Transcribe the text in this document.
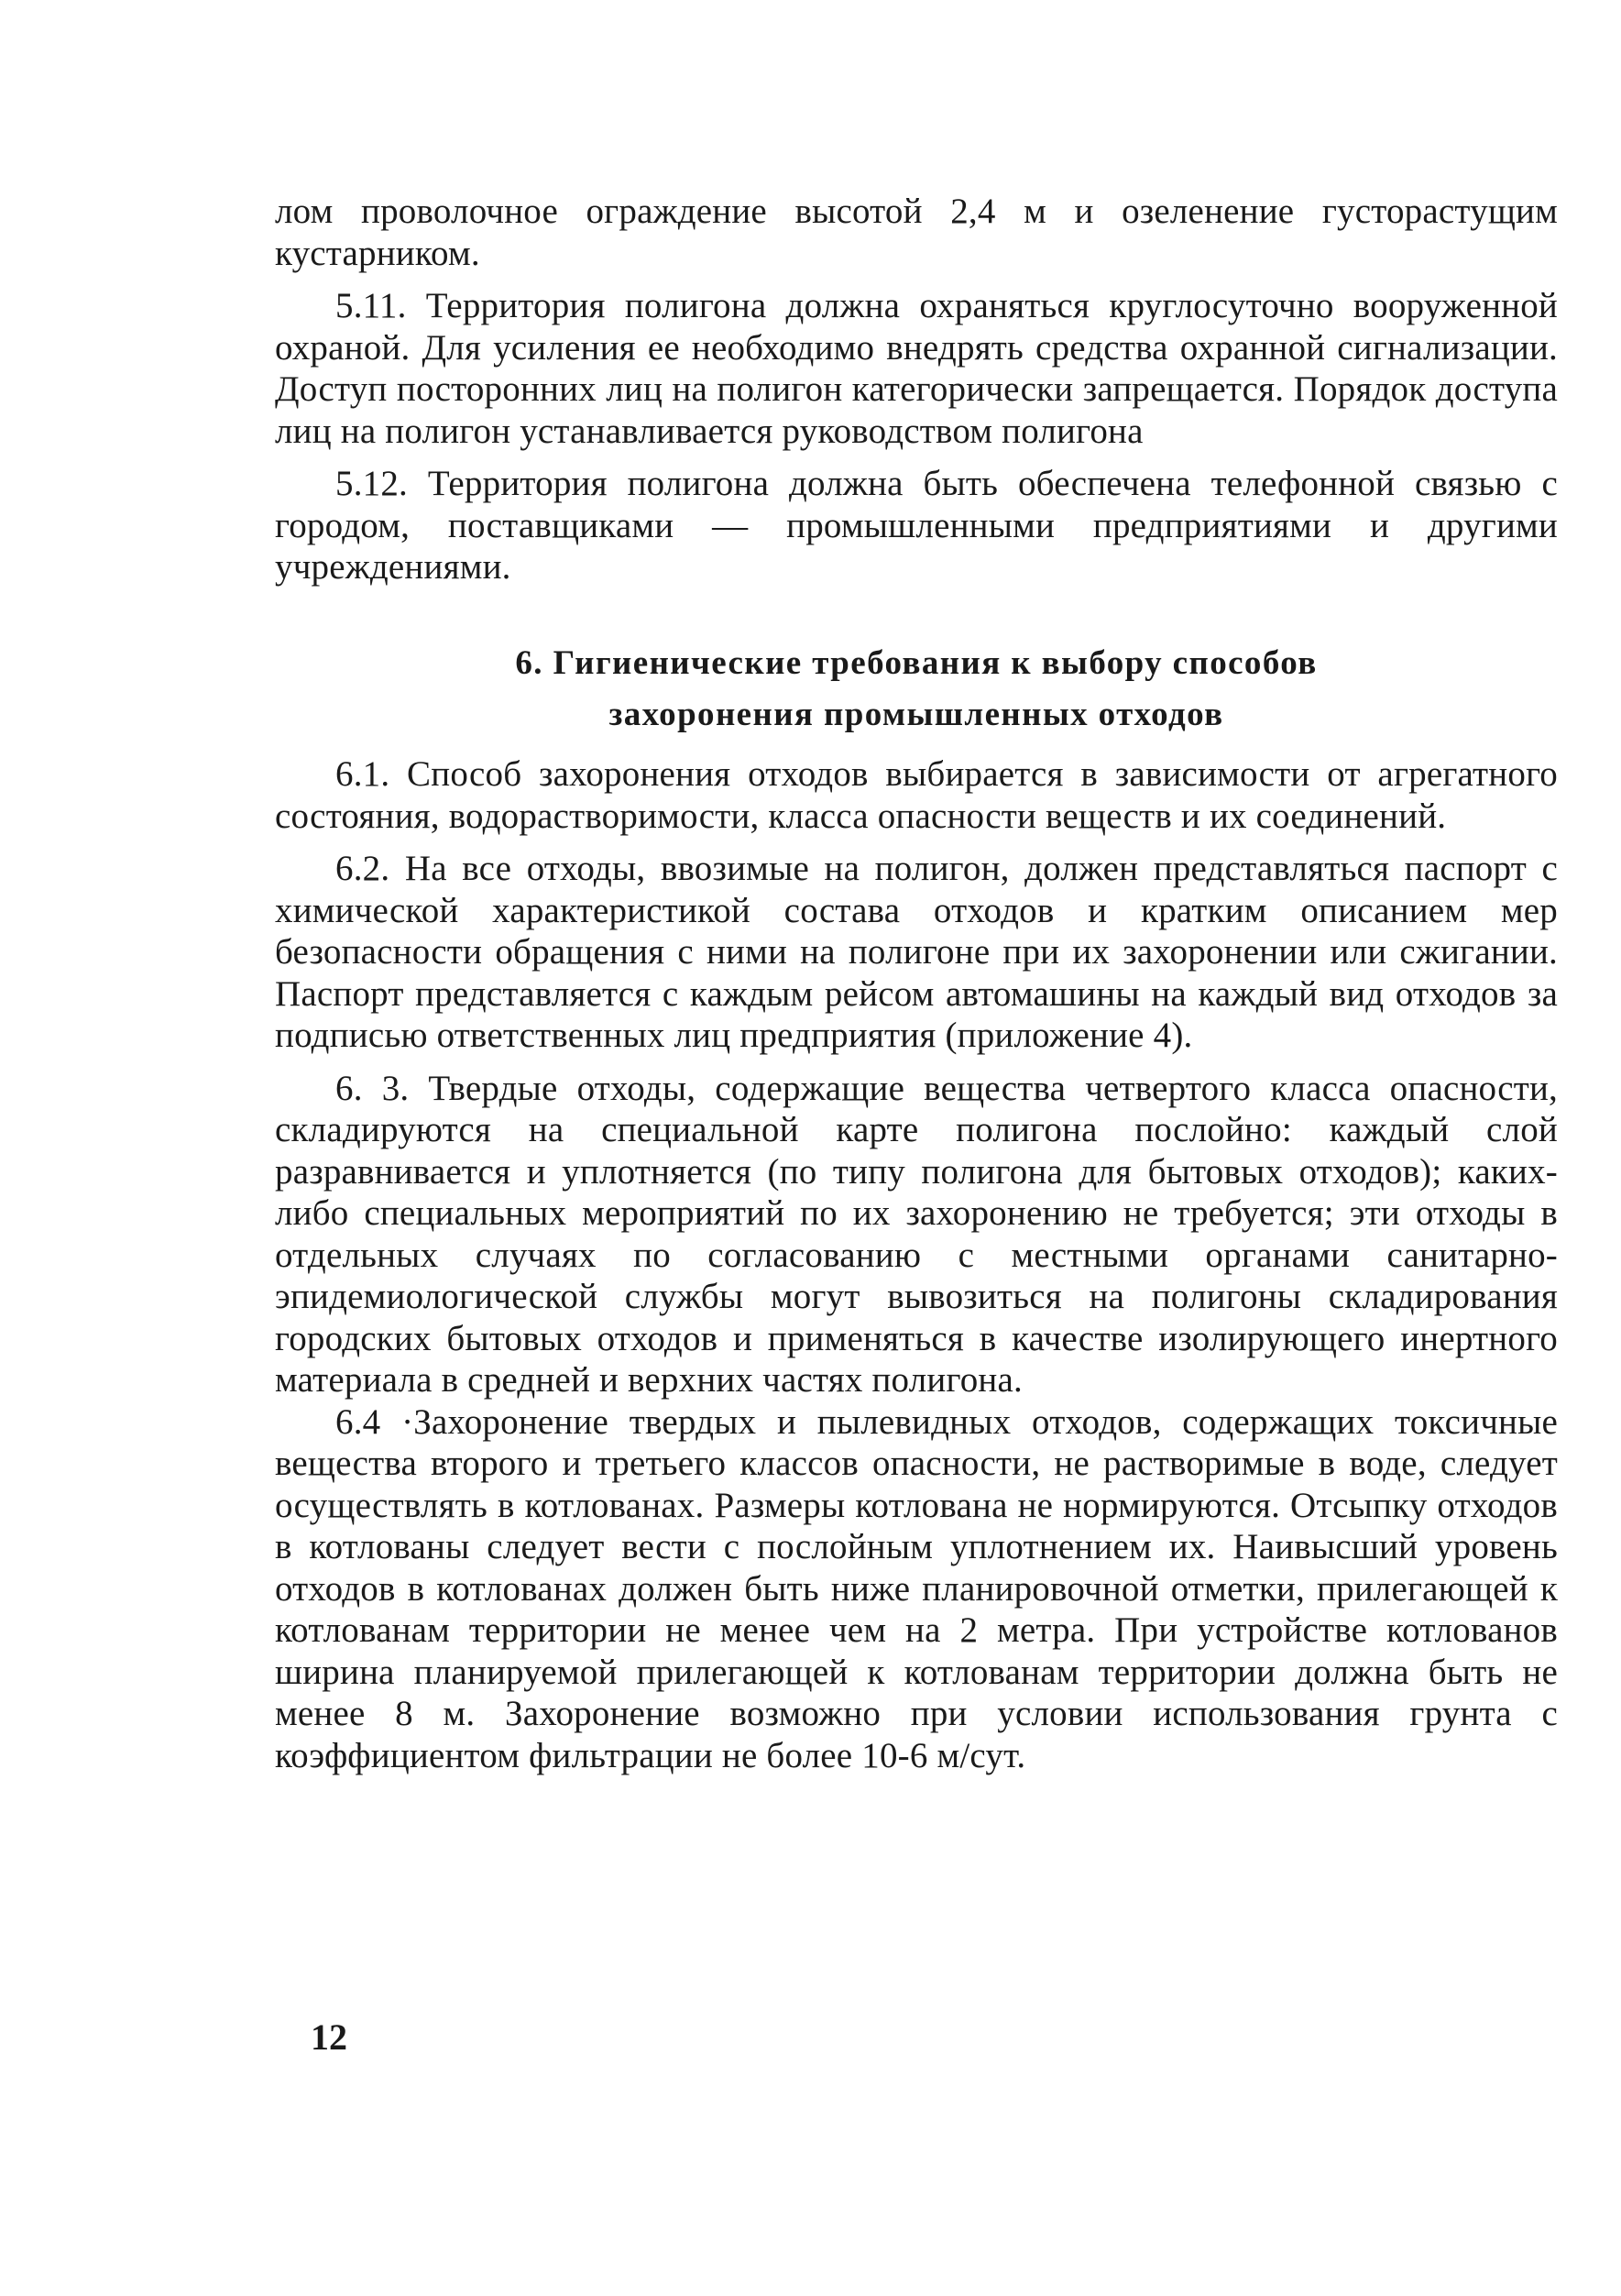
лом проволочное ограждение высотой 2,4 м и озеленение густорастущим кустарником.

5.11. Территория полигона должна охраняться круглосуточно вооруженной охраной. Для усиления ее необходимо внедрять средства охранной сигнализации. Доступ посторонних лиц на полигон категорически запрещается. Порядок доступа лиц на полигон устанавливается руководством полигона

5.12. Территория полигона должна быть обеспечена телефонной связью с городом, поставщиками — промышленными предприятиями и другими учреждениями.

6. Гигиенические требования к выбору способов
захоронения промышленных отходов

6.1. Способ захоронения отходов выбирается в зависимости от агрегатного состояния, водорастворимости, класса опасности веществ и их соединений.

6.2. На все отходы, ввозимые на полигон, должен представляться паспорт с химической характеристикой состава отходов и кратким описанием мер безопасности обращения с ними на полигоне при их захоронении или сжигании. Паспорт представляется с каждым рейсом автомашины на каждый вид отходов за подписью ответственных лиц предприятия (приложение 4).

6. 3. Твердые отходы, содержащие вещества четвертого класса опасности, складируются на специальной карте полигона послойно: каждый слой разравнивается и уплотняется (по типу полигона для бытовых отходов); каких-либо специальных мероприятий по их захоронению не требуется; эти отходы в отдельных случаях по согласованию с местными органами санитарно-эпидемиологической службы могут вывозиться на полигоны складирования городских бытовых отходов и применяться в качестве изолирующего инертного материала в средней и верхних частях полигона.

6.4 ·Захоронение твердых и пылевидных отходов, содержащих токсичные вещества второго и третьего классов опасности, не растворимые в воде, следует осуществлять в котлованах. Размеры котлована не нормируются. Отсыпку отходов в котлованы следует вести с послойным уплотнением их. Наивысший уровень отходов в котлованах должен быть ниже планировочной отметки, прилегающей к котлованам территории не менее чем на 2 метра. При устройстве котлованов ширина планируемой прилегающей к котлованам территории должна быть не менее 8 м. Захоронение возможно при условии использования грунта с коэффициентом фильтрации не более 10-6 м/сут.

12
